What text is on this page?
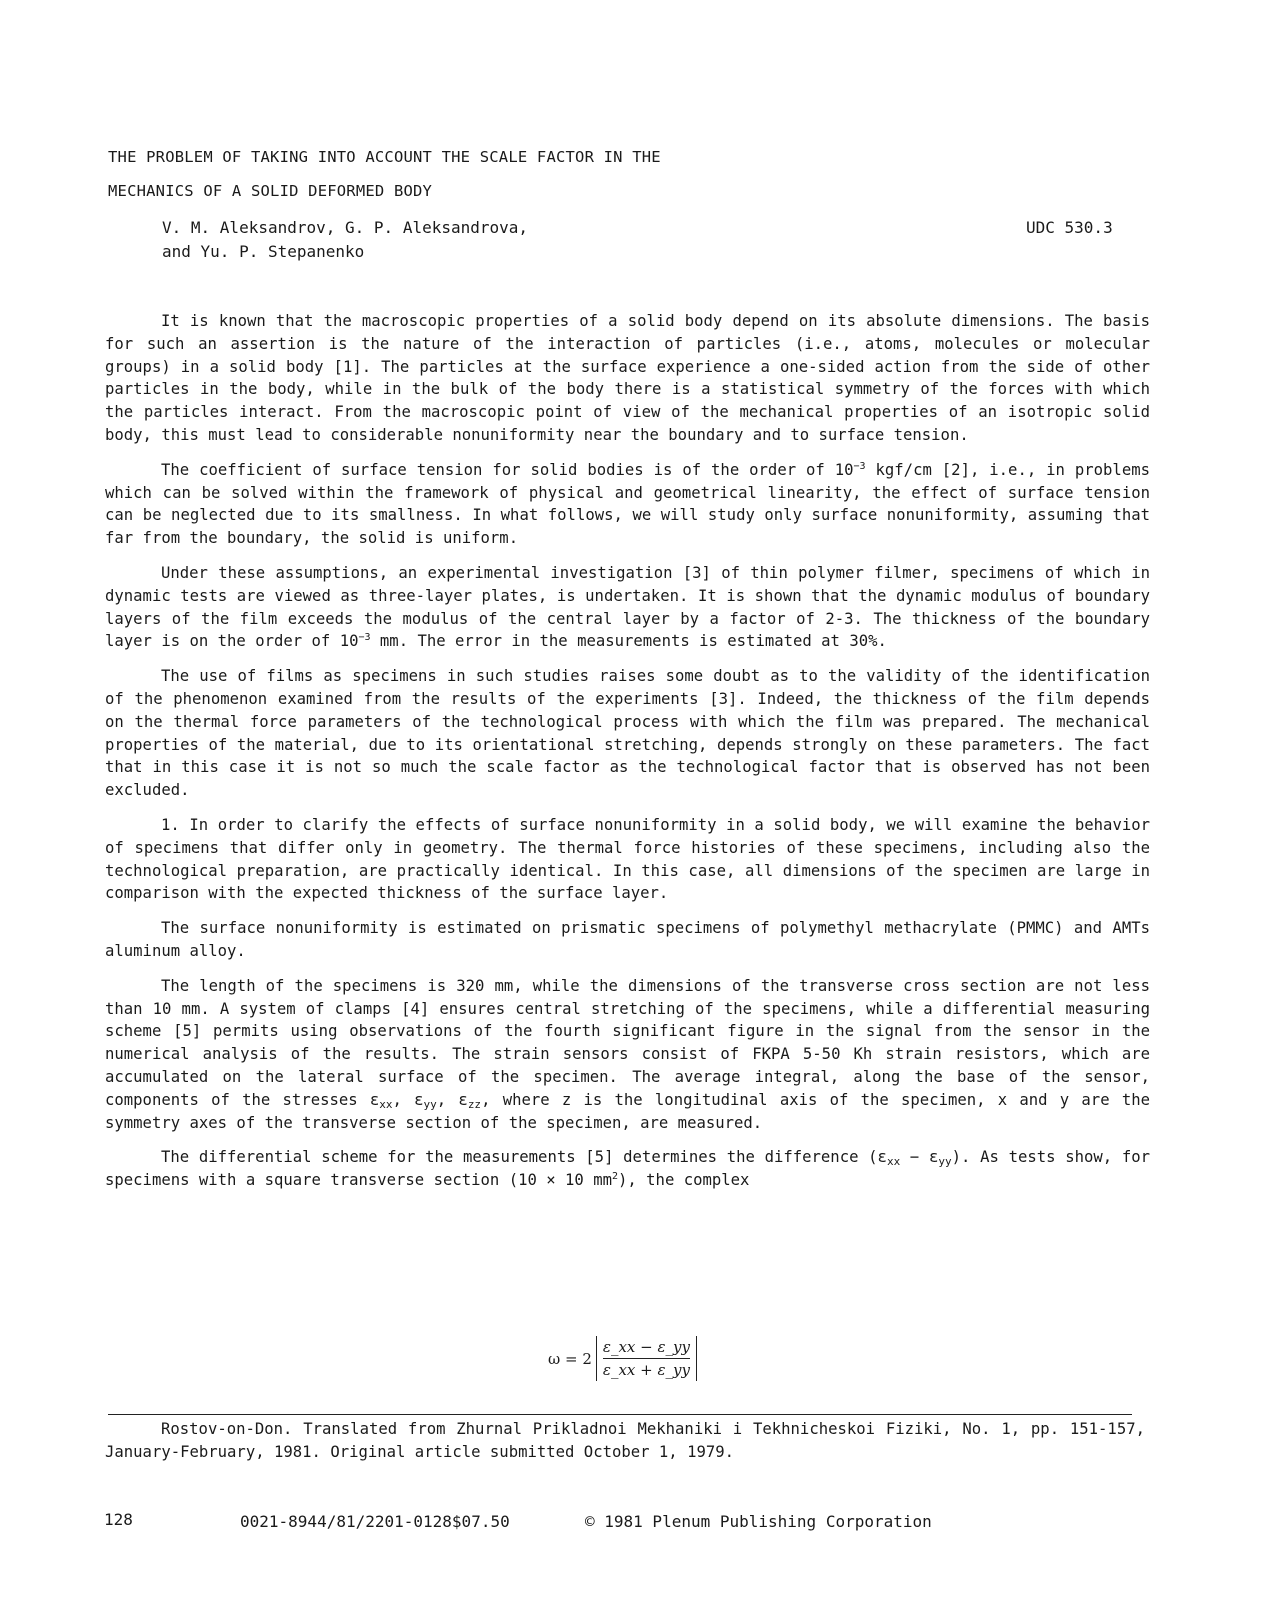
THE PROBLEM OF TAKING INTO ACCOUNT THE SCALE FACTOR IN THE
MECHANICS OF A SOLID DEFORMED BODY
V. M. Aleksandrov, G. P. Aleksandrova,
and Yu. P. Stepanenko
UDC 530.3

It is known that the macroscopic properties of a solid body depend on its absolute dimensions. The basis for such an assertion is the nature of the interaction of particles (i.e., atoms, molecules or molecular groups) in a solid body [1]. The particles at the surface experience a one-sided action from the side of other particles in the body, while in the bulk of the body there is a statistical symmetry of the forces with which the particles interact. From the macroscopic point of view of the mechanical properties of an isotropic solid body, this must lead to considerable nonuniformity near the boundary and to surface tension.

The coefficient of surface tension for solid bodies is of the order of $10^{-3}$ kgf/cm [2], i.e., in problems which can be solved within the framework of physical and geometrical linearity, the effect of surface tension can be neglected due to its smallness. In what follows, we will study only surface nonuniformity, assuming that far from the boundary, the solid is uniform.

Under these assumptions, an experimental investigation [3] of thin polymer filmer, specimens of which in dynamic tests are viewed as three-layer plates, is undertaken. It is shown that the dynamic modulus of boundary layers of the film exceeds the modulus of the central layer by a factor of 2-3. The thickness of the boundary layer is on the order of $10^{-3}$ mm. The error in the measurements is estimated at 30%.

The use of films as specimens in such studies raises some doubt as to the validity of the identification of the phenomenon examined from the results of the experiments [3]. Indeed, the thickness of the film depends on the thermal force parameters of the technological process with which the film was prepared. The mechanical properties of the material, due to its orientational stretching, depends strongly on these parameters. The fact that in this case it is not so much the scale factor as the technological factor that is observed has not been excluded.

1. In order to clarify the effects of surface nonuniformity in a solid body, we will examine the behavior of specimens that differ only in geometry. The thermal force histories of these specimens, including also the technological preparation, are practically identical. In this case, all dimensions of the specimen are large in comparison with the expected thickness of the surface layer.

The surface nonuniformity is estimated on prismatic specimens of polymethyl methacrylate (PMMC) and AMTs aluminum alloy.

The length of the specimens is 320 mm, while the dimensions of the transverse cross section are not less than 10 mm. A system of clamps [4] ensures central stretching of the specimens, while a differential measuring scheme [5] permits using observations of the fourth significant figure in the signal from the sensor in the numerical analysis of the results. The strain sensors consist of FKPA 5-50 Kh strain resistors, which are accumulated on the lateral surface of the specimen. The average integral, along the base of the sensor, components of the stresses $\varepsilon_{xx}$, $\varepsilon_{yy}$, $\varepsilon_{zz}$, where z is the longitudinal axis of the specimen, x and y are the symmetry axes of the transverse section of the specimen, are measured.

The differential scheme for the measurements [5] determines the difference $(\varepsilon_{xx} - \varepsilon_{yy})$. As tests show, for specimens with a square transverse section (10 × 10 $mm^2$), the complex

ω = 2
ε_xx − ε_yy
ε_xx + ε_yy

Rostov-on-Don. Translated from Zhurnal Prikladnoi Mekhaniki i Tekhnicheskoi Fiziki, No. 1, pp. 151-157, January-February, 1981. Original article submitted October 1, 1979.

128	0021-8944/81/2201-0128$07.50	© 1981 Plenum Publishing Corporation
